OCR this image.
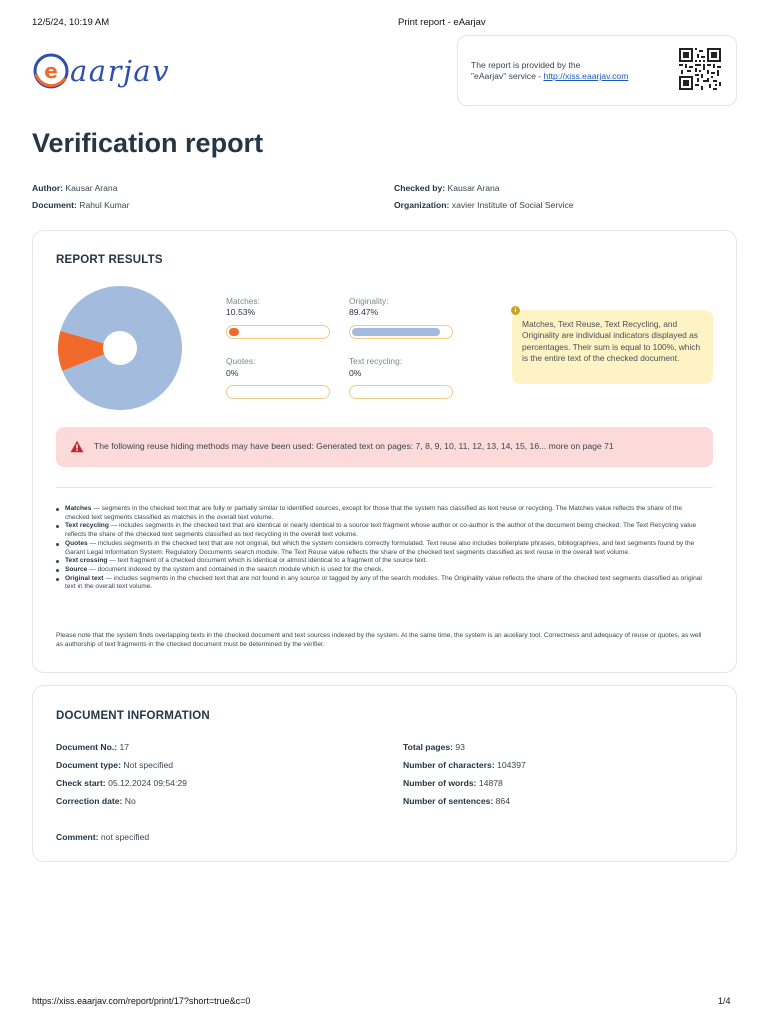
12/5/24, 10:19 AM	Print report - eAarjav
e aarjav	The report is provided by the
"eAarjav" service - http://xiss.eaarjav.com
Verification report
Author: Kausar Arana
Document: Rahul Kumar
Checked by: Kausar Arana
Organization: xavier Institute of Social Service
REPORT RESULTS
Matches:
10.53%
Originality:
89.47%
Quotes:
0%
Text recycling:
0%
Matches, Text Reuse, Text Recycling, and Originality are individual indicators displayed as percentages. Their sum is equal to 100%, which is the entire text of the checked document.
i
The following reuse hiding methods may have been used: Generated text on pages: 7, 8, 9, 10, 11, 12, 13, 14, 15, 16... more on page 71
Matches — segments in the checked text that are fully or partially similar to identified sources, except for those that the system has classified as text reuse or recycling. The Matches value reflects the share of the checked text segments classified as matches in the overall text volume.
Text recycling — includes segments in the checked text that are identical or nearly identical to a source text fragment whose author or co-author is the author of the document being checked. The Text Recycling value reflects the share of the checked text segments classified as text recycling in the overall text volume.
Quotes — includes segments in the checked text that are not original, but which the system considers correctly formulated. Text reuse also includes boilerplate phrases, bibliographies, and text segments found by the Garant Legal Information System: Regulatory Documents search module. The Text Reuse value reflects the share of the checked text segments classified as text reuse in the overall text volume.
Text crossing — text fragment of a checked document which is identical or almost identical to a fragment of the source text.
Source — document indexed by the system and contained in the search module which is used for the check.
Original text — includes segments in the checked text that are not found in any source or tagged by any of the search modules. The Originality value reflects the share of the checked text segments classified as original text in the overall text volume.
Please note that the system finds overlapping texts in the checked document and text sources indexed by the system. At the same time, the system is an auxiliary tool. Correctness and adequacy of reuse or quotes, as well as authorship of text fragments in the checked document must be determined by the verifier.
DOCUMENT INFORMATION
Document No.: 17
Document type: Not specified
Check start: 05.12.2024 09:54:29
Correction date: No
Total pages: 93
Number of characters: 104397
Number of words: 14878
Number of sentences: 864
Comment: not specified
https://xiss.eaarjav.com/report/print/17?short=true&c=0	1/4
